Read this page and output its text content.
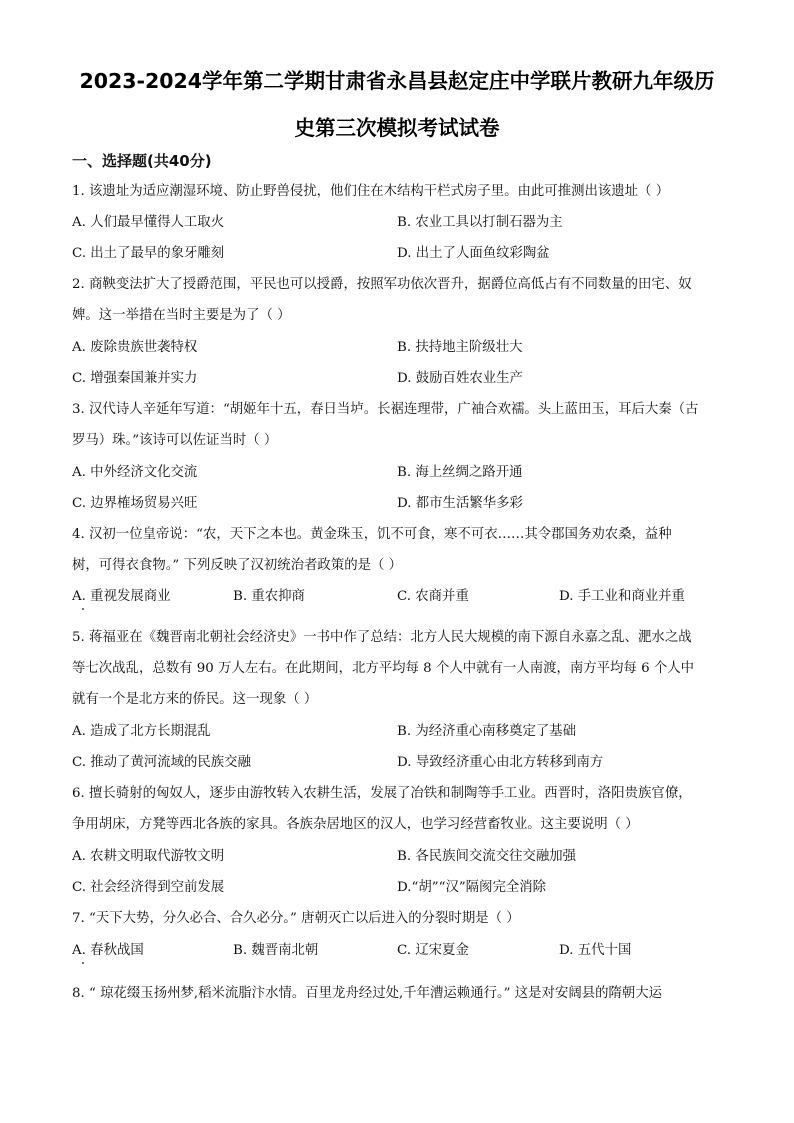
2023-2024学年第二学期甘肃省永昌县赵定庄中学联片教研九年级历
史第三次模拟考试试卷
一、选择题(共40分)
1. 该遗址为适应潮湿环境、防止野兽侵扰，他们住在木结构干栏式房子里。由此可推测出该遗址（ ）
A. 人们最早懂得人工取火	B. 农业工具以打制石器为主
C. 出土了最早的象牙雕刻	D. 出土了人面鱼纹彩陶盆
2. 商鞅变法扩大了授爵范围，平民也可以授爵，按照军功依次晋升，据爵位高低占有不同数量的田宅、奴
婢。这一举措在当时主要是为了（ ）
A. 废除贵族世袭特权	B. 扶持地主阶级壮大
C. 增强秦国兼并实力	D. 鼓励百姓农业生产
3. 汉代诗人辛延年写道：“胡姬年十五，春日当垆。长裾连理带，广袖合欢襦。头上蓝田玉，耳后大秦（古
罗马）珠。”该诗可以佐证当时（ ）
A. 中外经济文化交流	B. 海上丝绸之路开通
C. 边界榷场贸易兴旺	D. 都市生活繁华多彩
4. 汉初一位皇帝说：“农，天下之本也。黄金珠玉，饥不可食，寒不可衣……其令郡国务劝农桑，益种
树，可得衣食物。” 下列反映了汉初统治者政策的是（ ）
A. 重视发展商业	B. 重农抑商	C. 农商并重	D. 手工业和商业并重
5. 蒋福亚在《魏晋南北朝社会经济史》一书中作了总结：北方人民大规模的南下源自永嘉之乱、淝水之战
等七次战乱，总数有 90 万人左右。在此期间，北方平均每 8 个人中就有一人南渡，南方平均每 6 个人中
就有一个是北方来的侨民。这一现象（ ）
A. 造成了北方长期混乱	B. 为经济重心南移奠定了基础
C. 推动了黄河流域的民族交融	D. 导致经济重心由北方转移到南方
6. 擅长骑射的匈奴人，逐步由游牧转入农耕生活，发展了冶铁和制陶等手工业。西晋时，洛阳贵族官僚，
争用胡床，方凳等西北各族的家具。各族杂居地区的汉人，也学习经营畜牧业。这主要说明（ ）
A. 农耕文明取代游牧文明	B. 各民族间交流交往交融加强
C. 社会经济得到空前发展	D.“胡”“汉”隔阂完全消除
7. “天下大势，分久必合、合久必分。” 唐朝灭亡以后进入的分裂时期是（ ）
A. 春秋战国	B. 魏晋南北朝	C. 辽宋夏金	D. 五代十国
8. “ 琼花缀玉扬州梦,稻米流脂汴水情。百里龙舟经过处,千年漕运赖通行。” 这是对安阔县的隋朝大运
